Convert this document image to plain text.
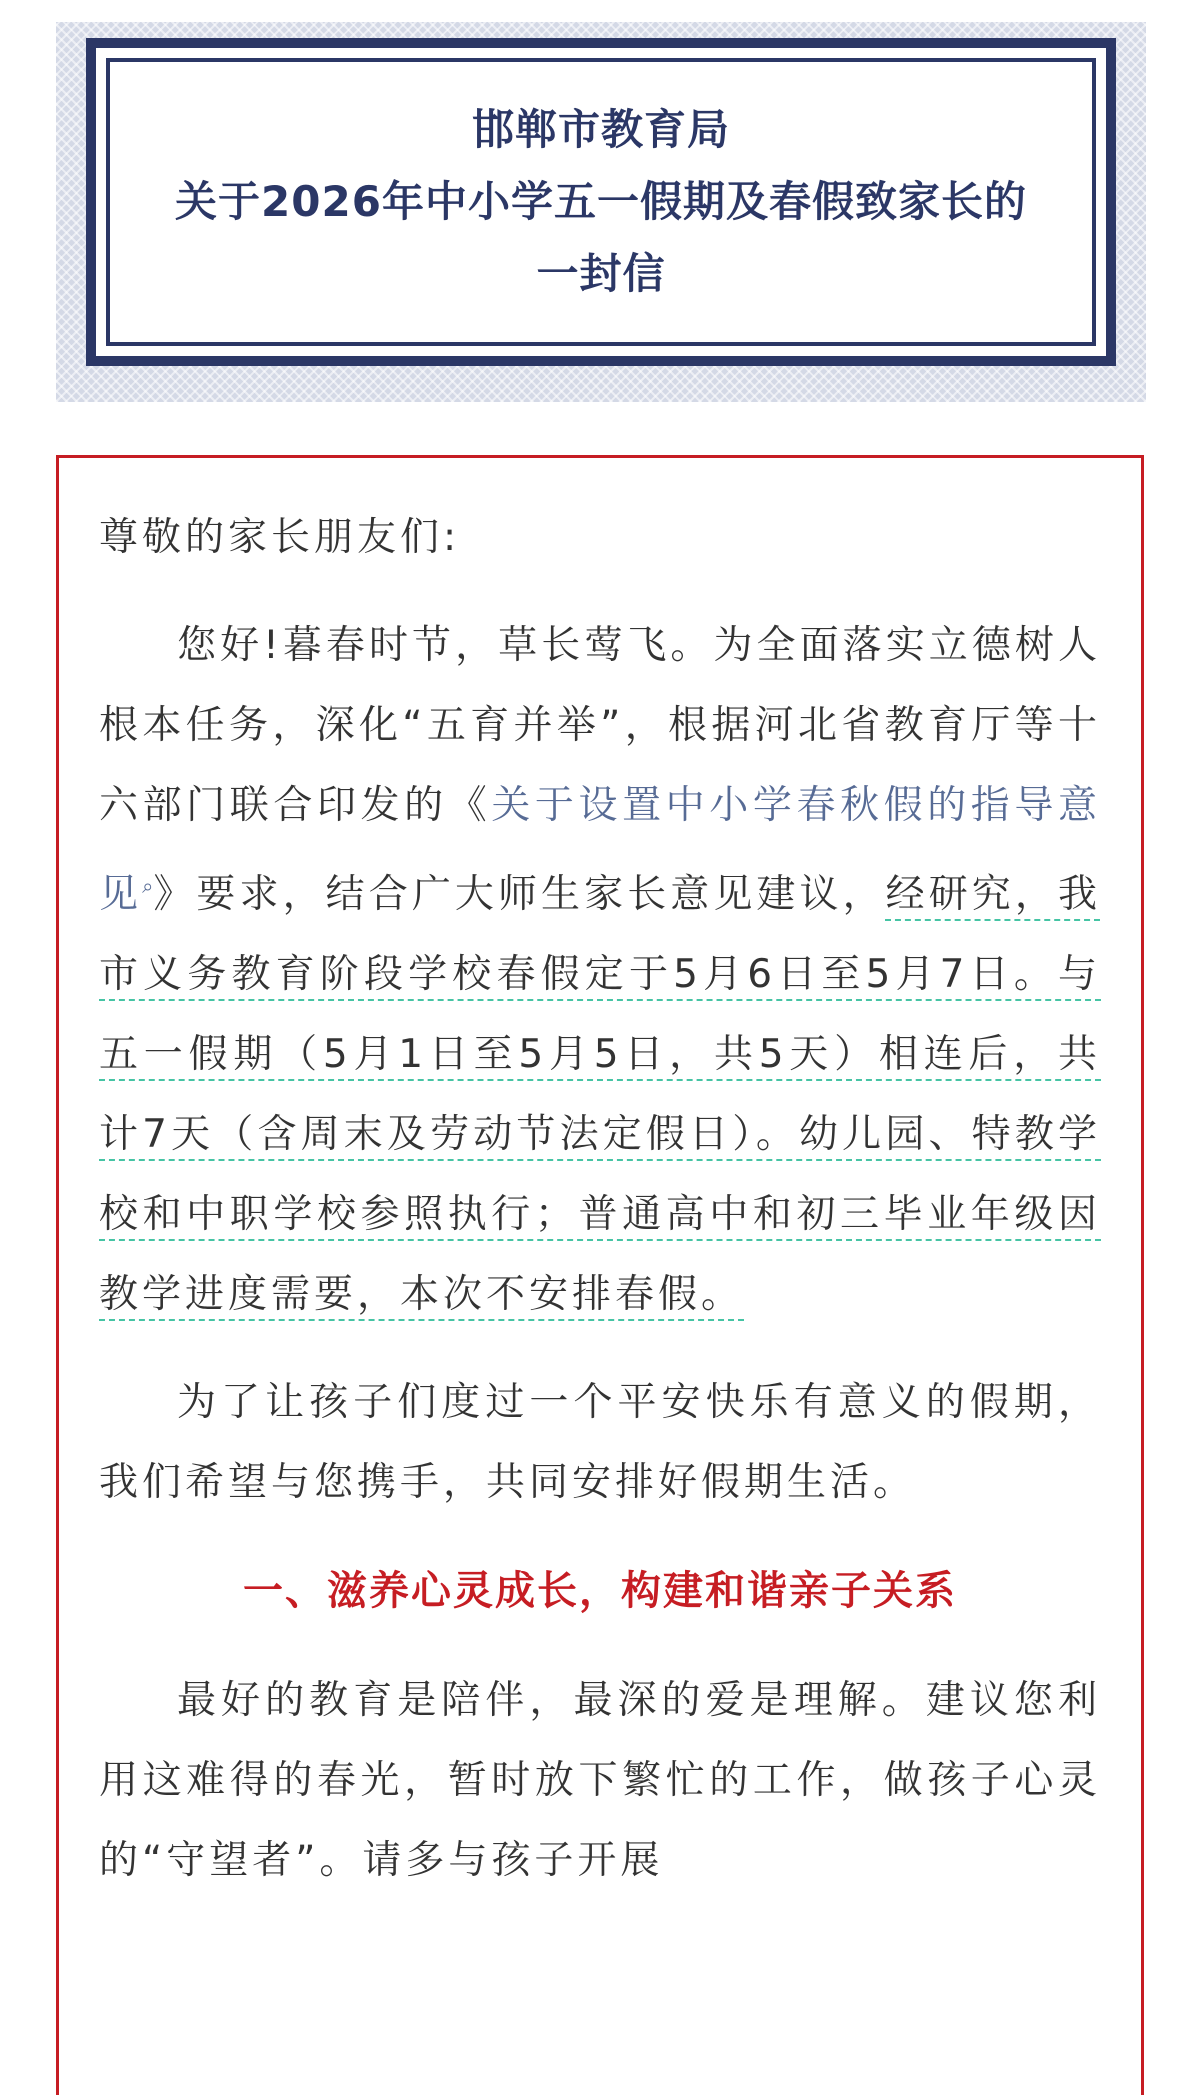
邯郸市教育局
关于2026年中小学五一假期及春假致家长的
一封信

尊敬的家长朋友们:

您好!暮春时节，草长莺飞。为全面落实立德树人根本任务，深化“五育并举”，根据河北省教育厅等十六部门联合印发的《关于设置中小学春秋假的指导意见⌕》要求，结合广大师生家长意见建议，经研究，我市义务教育阶段学校春假定于5月6日至5月7日。与五一假期（5月1日至5月5日，共5天）相连后，共计7天（含周末及劳动节法定假日）。幼儿园、特教学校和中职学校参照执行；普通高中和初三毕业年级因教学进度需要，本次不安排春假。

为了让孩子们度过一个平安快乐有意义的假期，我们希望与您携手，共同安排好假期生活。

一、滋养心灵成长，构建和谐亲子关系

最好的教育是陪伴，最深的爱是理解。建议您利用这难得的春光，暂时放下繁忙的工作，做孩子心灵的“守望者”。请多与孩子开展
